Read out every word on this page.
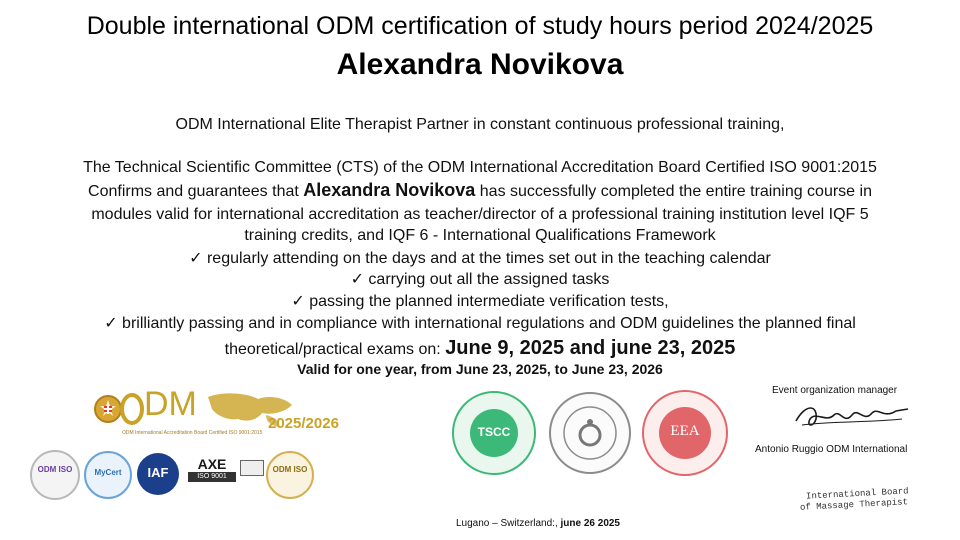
Double international ODM certification of study hours period 2024/2025
Alexandra Novikova
ODM International Elite Therapist Partner in constant continuous professional training,
The Technical Scientific Committee (CTS) of the ODM International Accreditation Board Certified ISO 9001:2015
Confirms and guarantees that Alexandra Novikova has successfully completed the entire training course in
modules valid for international accreditation as teacher/director of a professional training institution level IQF 5
training credits, and IQF 6 - International Qualifications Framework
✓ regularly attending on the days and at the times set out in the teaching calendar
✓ carrying out all the assigned tasks
✓ passing the planned intermediate verification tests,
✓ brilliantly passing and in compliance with international regulations and ODM guidelines the planned final
theoretical/practical exams on: June 9, 2025 and june 23, 2025
Valid for one year, from June 23, 2025, to June 23, 2026
DM
ODM International Accreditation Board Certified ISO 9001:2015
2025/2026
ODM ISO	MyCert	IAF
AXE
ISO 9001
ODM ISO
TSCC	EEA
Event organization manager
Antonio Ruggio ODM International
International Board
of Massage Therapist
Lugano – Switzerland:, june 26 2025
